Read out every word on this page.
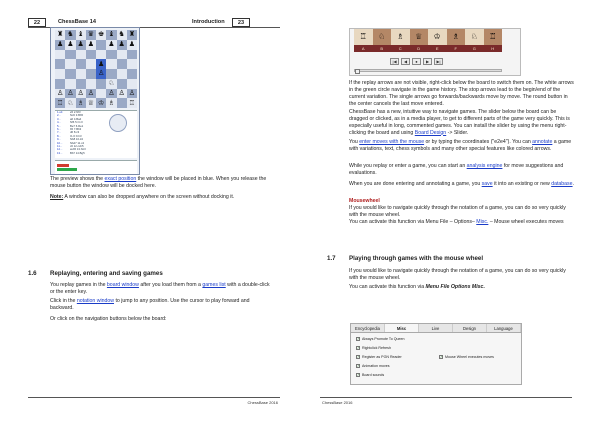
22	ChessBase 14
♜ ♞ ♝ ♛ ♚ ♝ ♞ ♜
♟ ♟ ♟ ♟ ♟ ♟ ♟
♟
♙
♘
♙ ♙ ♙ ♙ ♙ ♙ ♙
♖ ♘ ♗ ♕ ♔ ♗ ♖
1.e4	e5 2.Nf3
2...	Nc6 3.Bb5
3...	a6 4.Ba4
4...	Nf6 5.O-O
5...	Be7 6.Re1
6...	b5 7.Bb3
7...	d6 8.c3
8...	O-O 9.h3
9...	Nb8 10.d4
10...	Nbd7 11.c4
11...	c6 12.cxb5
12...	axb5 13.Nc3
13...	Bb7 14.Bg5
The preview shows the exact position the window will be placed in blue. When you release the mouse button the window will be docked here.
Note: A window can also be dropped anywhere on the screen without docking it.
1.6 Replaying, entering and saving games
You replay games in the board window after you load them from a games list with a double-click or the enter key.
Click in the notation window to jump to any position. Use the cursor to play forward and backward.
Or click on the navigation buttons below the board:
ChessBase 2016
Introduction	23
♖	♘	♗	♕	♔	♗	♘	♖
A	B	C	D	E	F	G	H
|◀	◀	●	▶	▶|
If the replay arrows are not visible, right-click below the board to switch them on. The white arrows in the green circle navigate in the game history. The stop arrows lead to the begin/end of the current variation. The single arrows go forwards/backwards move by move. The round button in the center cancels the last move entered.
ChessBase has a new, intuitive way to navigate games. The slider below the board can be dragged or clicked, as in a media player, to get to different parts of the game very quickly. This is especially useful in long, commented games. You can install the slider by using the menu right-clicking the board and using Board Design -> Slider.
You enter moves with the mouse or by typing the coordinates ("e2e4"). You can annotate a game with variations, text, chess symbols and many other special features like colored arrows.
While you replay or enter a game, you can start an analysis engine for move suggestions and evaluations.
When you are done entering and annotating a game, you save it into an existing or new database.
Mousewheel
If you would like to navigate quickly through the notation of a game, you can do so very quickly with the mouse wheel.
You can activate this function via Menu File – Options– Misc. – Mouse wheel executes moves
1.7 Playing through games with the mouse wheel
If you would like to navigate quickly through the notation of a game, you can do so very quickly with the mouse wheel.
You can activate this function via Menu File Options Misc.
Encyclopedia	Misc	Live	Design	Language
✓ Always Promote To Queen
✓ Rightclick Refresh
✓ Register as PGN Reader
✓ Animation moves
✓ Board sounds
✓ Mouse Wheel executes moves
ChessBase 2016
